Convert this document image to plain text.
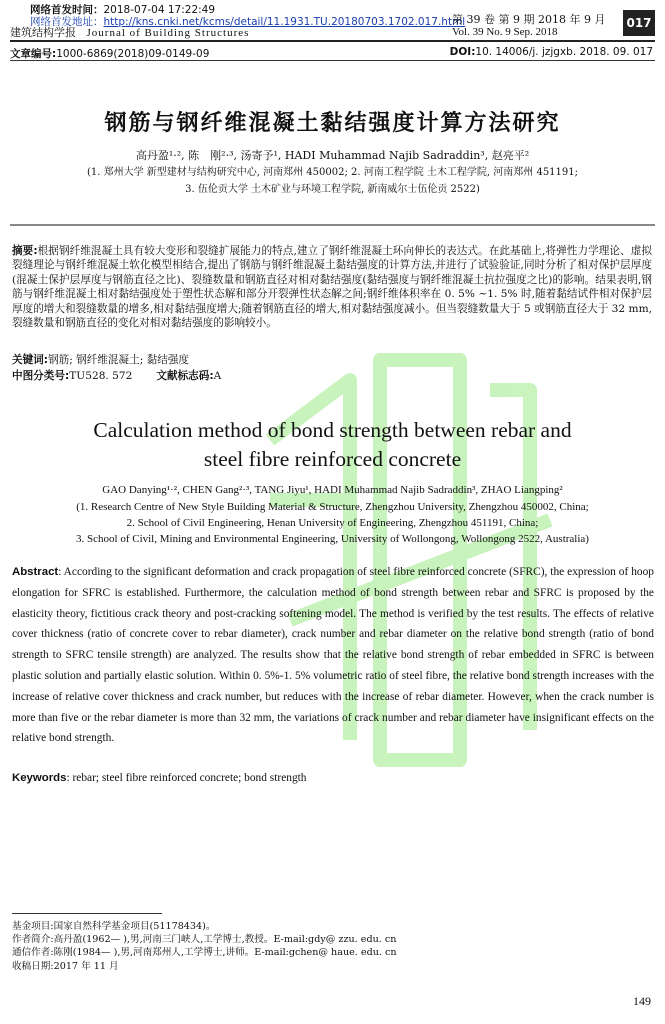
网络首发时间：2018-07-04 17:22:49
网络首发地址：http://kns.cnki.net/kcms/detail/11.1931.TU.20180703.1702.017.html
建筑结构学报 Journal of Building Structures
第 39 卷 第 9 期 2018 年 9 月
Vol. 39 No. 9 Sep. 2018
017
文章编号:1000-6869(2018)09-0149-09	DOI:10. 14006/j. jzjgxb. 2018. 09. 017
钢筋与钢纤维混凝土黏结强度计算方法研究
高丹盈¹·², 陈　刚²·³, 汤寄予¹, HADI Muhammad Najib Sadraddin³, 赵亮平²
(1. 郑州大学 新型建材与结构研究中心, 河南郑州 450002; 2. 河南工程学院 土木工程学院, 河南郑州 451191;
3. 伍伦贡大学 土木矿业与环境工程学院, 新南威尔士伍伦贡 2522)
摘要:根据钢纤维混凝土具有较大变形和裂缝扩展能力的特点,建立了钢纤维混凝土环向伸长的表达式。在此基础上,将弹性力学理论、虚拟裂缝理论与钢纤维混凝土软化模型相结合,提出了钢筋与钢纤维混凝土黏结强度的计算方法,并进行了试验验证,同时分析了相对保护层厚度(混凝土保护层厚度与钢筋直径之比)、裂缝数量和钢筋直径对相对黏结强度(黏结强度与钢纤维混凝土抗拉强度之比)的影响。结果表明,钢筋与钢纤维混凝土相对黏结强度处于塑性状态解和部分开裂弹性状态解之间;钢纤维体积率在 0. 5% ~1. 5% 时,随着黏结试件相对保护层厚度的增大和裂缝数量的增多,相对黏结强度增大;随着钢筋直径的增大,相对黏结强度减小。但当裂缝数量大于 5 或钢筋直径大于 32 mm,裂缝数量和钢筋直径的变化对相对黏结强度的影响较小。
关键词:钢筋; 钢纤维混凝土; 黏结强度
中图分类号:TU528. 572 文献标志码:A
Calculation method of bond strength between rebar and
steel fibre reinforced concrete
GAO Danying¹·², CHEN Gang²·³, TANG Jiyu¹, HADI Muhammad Najib Sadraddin³, ZHAO Liangping²
(1. Research Centre of New Style Building Material & Structure, Zhengzhou University, Zhengzhou 450002, China;
2. School of Civil Engineering, Henan University of Engineering, Zhengzhou 451191, China;
3. School of Civil, Mining and Environmental Engineering, University of Wollongong, Wollongong 2522, Australia)
Abstract: According to the significant deformation and crack propagation of steel fibre reinforced concrete (SFRC), the expression of hoop elongation for SFRC is established. Furthermore, the calculation method of bond strength between rebar and SFRC is proposed by the elasticity theory, fictitious crack theory and post-cracking softening model. The method is verified by the test results. The effects of relative cover thickness (ratio of concrete cover to rebar diameter), crack number and rebar diameter on the relative bond strength (ratio of bond strength to SFRC tensile strength) are analyzed. The results show that the relative bond strength of rebar embedded in SFRC is between plastic solution and partially elastic solution. Within 0. 5%-1. 5% volumetric ratio of steel fibre, the relative bond strength increases with the increase of relative cover thickness and crack number, but reduces with the increase of rebar diameter. However, when the crack number is more than five or the rebar diameter is more than 32 mm, the variations of crack number and rebar diameter have insignificant effects on the relative bond strength.
Keywords: rebar; steel fibre reinforced concrete; bond strength
基金项目:国家自然科学基金项目(51178434)。
作者简介:高丹盈(1962— ),男,河南三门峡人,工学博士,教授。E-mail:gdy@ zzu. edu. cn
通信作者:陈刚(1984— ),男,河南郑州人,工学博士,讲师。E-mail:gchen@ haue. edu. cn
收稿日期:2017 年 11 月
149
